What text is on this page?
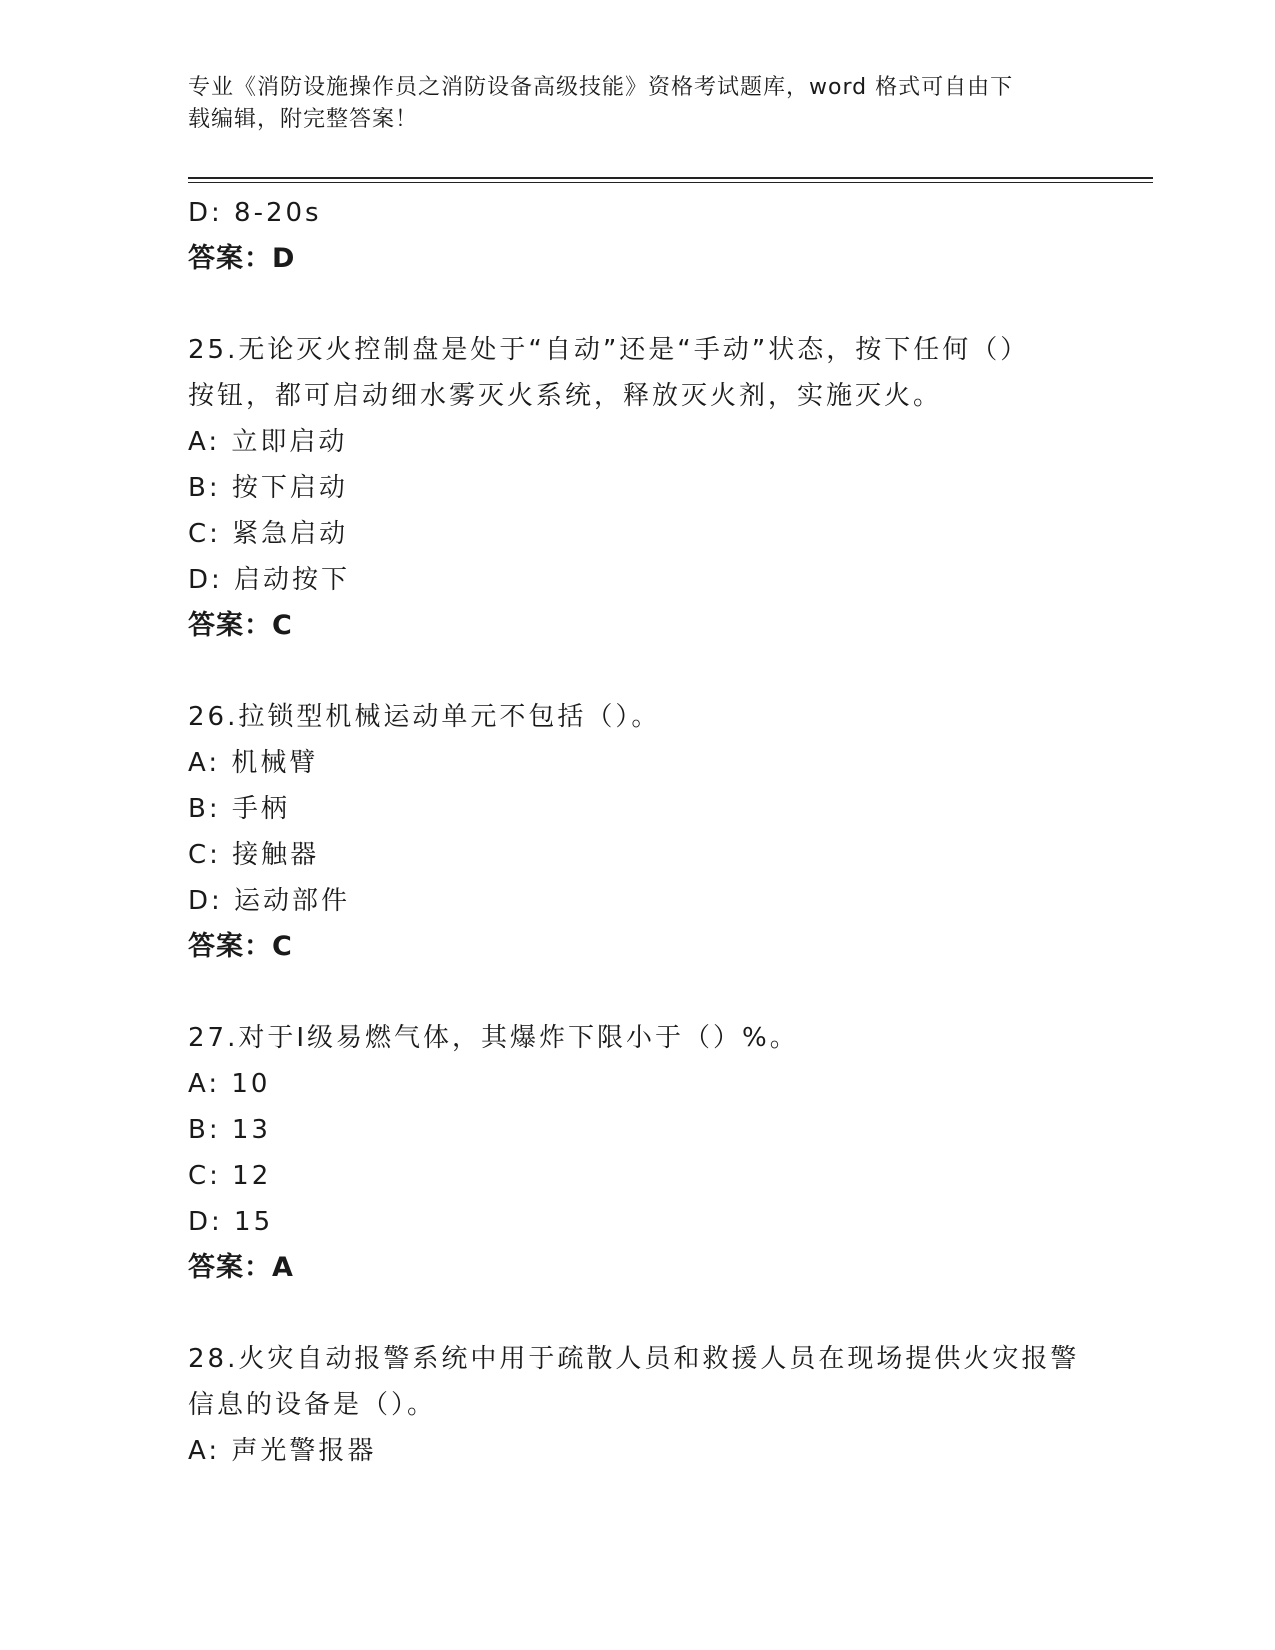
专业《消防设施操作员之消防设备高级技能》资格考试题库，word 格式可自由下
载编辑，附完整答案！
D: 8-20s
答案：D
25.无论灭火控制盘是处于“自动”还是“手动”状态，按下任何（）
按钮，都可启动细水雾灭火系统，释放灭火剂，实施灭火。
A: 立即启动
B: 按下启动
C: 紧急启动
D: 启动按下
答案：C
26.拉锁型机械运动单元不包括（）。
A: 机械臂
B: 手柄
C: 接触器
D: 运动部件
答案：C
27.对于Ⅰ级易燃气体，其爆炸下限小于（）%。
A: 10
B: 13
C: 12
D: 15
答案：A
28.火灾自动报警系统中用于疏散人员和救援人员在现场提供火灾报警
信息的设备是（）。
A: 声光警报器
